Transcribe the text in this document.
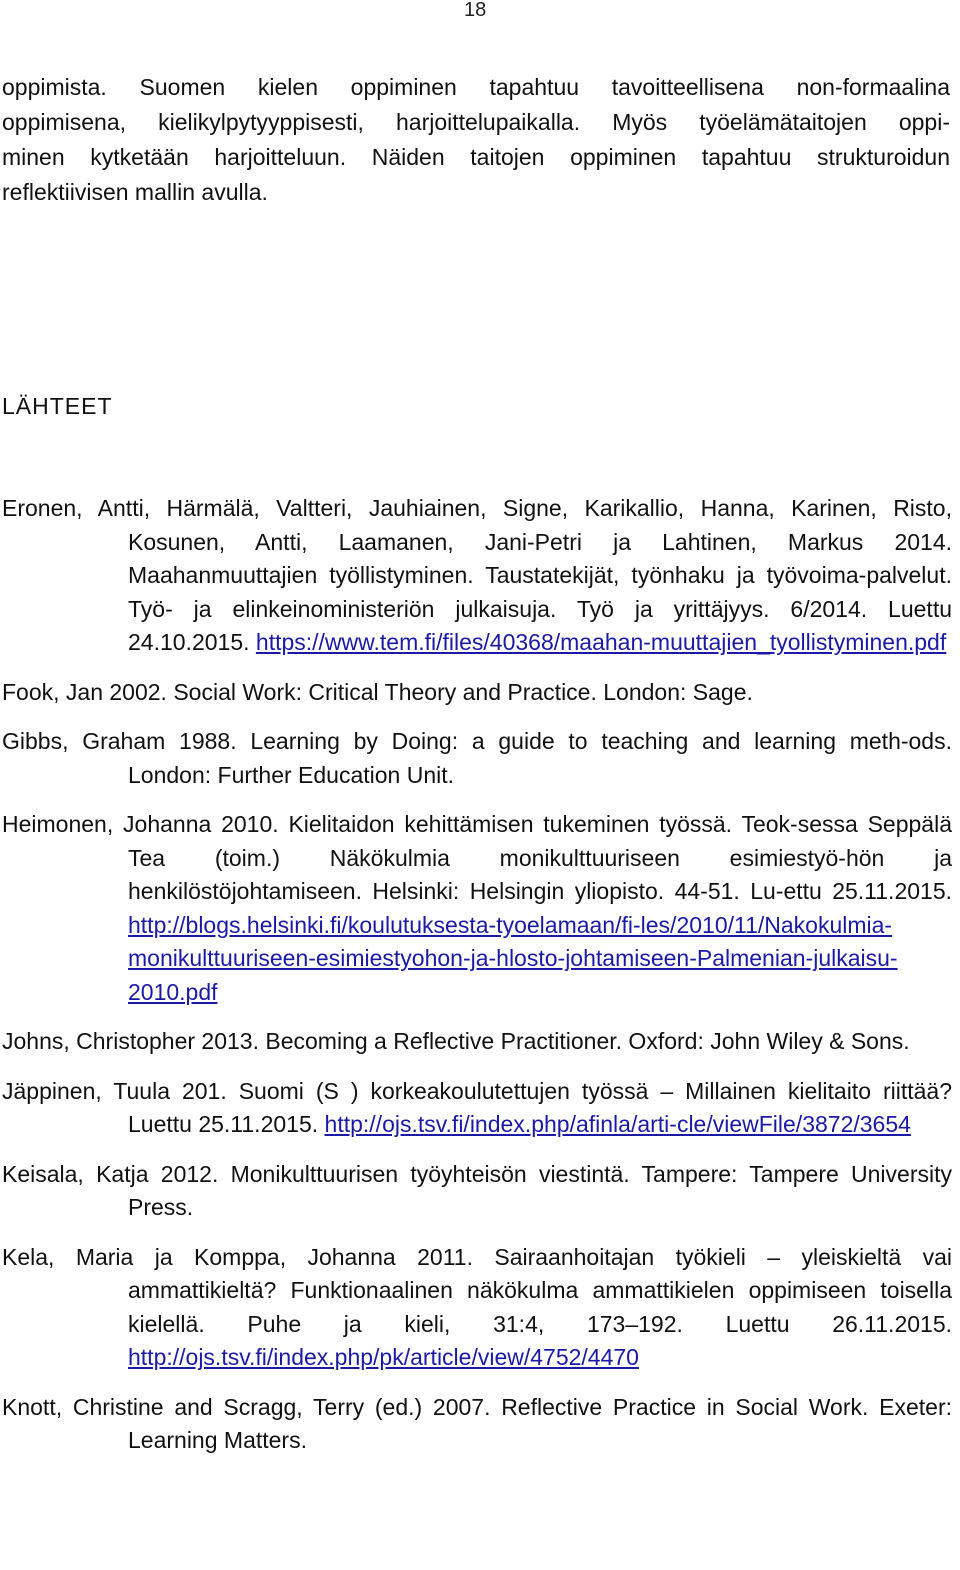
18

oppimista. Suomen kielen oppiminen tapahtuu tavoitteellisena non-formaalina
oppimisena, kielikylpytyyppisesti, harjoittelupaikalla. Myös työelämätaitojen oppi-
minen kytketään harjoitteluun. Näiden taitojen oppiminen tapahtuu strukturoidun
reflektiivisen mallin avulla.

LÄHTEET
Eronen, Antti, Härmälä, Valtteri, Jauhiainen, Signe, Karikallio, Hanna, Karinen, Risto, Kosunen, Antti, Laamanen, Jani-Petri ja Lahtinen, Markus 2014. Maahanmuuttajien työllistyminen. Taustatekijät, työnhaku ja työvoima-palvelut. Työ- ja elinkeinoministeriön julkaisuja. Työ ja yrittäjyys. 6/2014. Luettu 24.10.2015. https://www.tem.fi/files/40368/maahan-muuttajien_tyollistyminen.pdf
Fook, Jan 2002. Social Work: Critical Theory and Practice. London: Sage.
Gibbs, Graham 1988. Learning by Doing: a guide to teaching and learning meth-ods. London: Further Education Unit.
Heimonen, Johanna 2010. Kielitaidon kehittämisen tukeminen työssä. Teok-sessa Seppälä Tea (toim.) Näkökulmia monikulttuuriseen esimiestyö-hön ja henkilöstöjohtamiseen. Helsinki: Helsingin yliopisto. 44-51. Lu-ettu 25.11.2015. http://blogs.helsinki.fi/koulutuksesta-tyoelamaan/fi-les/2010/11/Nakokulmia-monikulttuuriseen-esimiestyohon-ja-hlosto-johtamiseen-Palmenian-julkaisu-2010.pdf
Johns, Christopher 2013. Becoming a Reflective Practitioner. Oxford: John Wiley & Sons.
Jäppinen, Tuula 201. Suomi (S ) korkeakoulutettujen työssä – Millainen kielitaito riittää? Luettu 25.11.2015. http://ojs.tsv.fi/index.php/afinla/arti-cle/viewFile/3872/3654
Keisala, Katja 2012. Monikulttuurisen työyhteisön viestintä. Tampere: Tampere University Press.
Kela, Maria ja Komppa, Johanna 2011. Sairaanhoitajan työkieli – yleiskieltä vai ammattikieltä? Funktionaalinen näkökulma ammattikielen oppimiseen toisella kielellä. Puhe ja kieli, 31:4, 173–192. Luettu 26.11.2015. http://ojs.tsv.fi/index.php/pk/article/view/4752/4470
Knott, Christine and Scragg, Terry (ed.) 2007. Reflective Practice in Social Work. Exeter: Learning Matters.
